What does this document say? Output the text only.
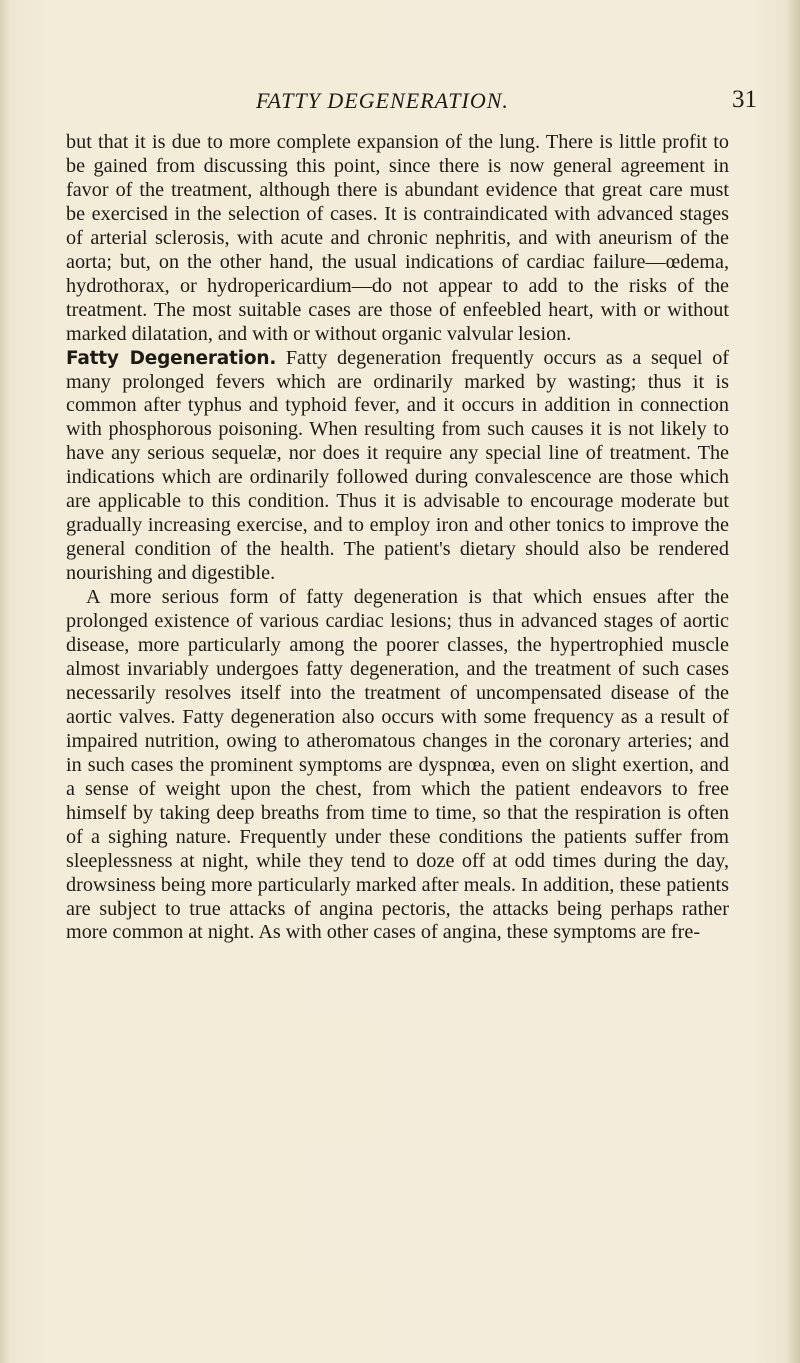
FATTY DEGENERATION.	31

but that it is due to more complete expansion of the lung. There is little profit to be gained from discussing this point, since there is now general agreement in favor of the treatment, although there is abundant evidence that great care must be exercised in the selection of cases. It is contraindicated with advanced stages of arterial sclerosis, with acute and chronic nephritis, and with aneurism of the aorta; but, on the other hand, the usual indications of cardiac failure—œdema, hydrothorax, or hydropericardium—do not appear to add to the risks of the treatment. The most suitable cases are those of enfeebled heart, with or without marked dilatation, and with or without organic valvular lesion.

Fatty Degeneration. Fatty degeneration frequently occurs as a sequel of many prolonged fevers which are ordinarily marked by wasting; thus it is common after typhus and typhoid fever, and it occurs in addition in connection with phosphorous poisoning. When resulting from such causes it is not likely to have any serious sequelæ, nor does it require any special line of treatment. The indications which are ordinarily followed during convalescence are those which are applicable to this condition. Thus it is advisable to encourage moderate but gradually increasing exercise, and to employ iron and other tonics to improve the general condition of the health. The patient's dietary should also be rendered nourishing and digestible.

A more serious form of fatty degeneration is that which ensues after the prolonged existence of various cardiac lesions; thus in advanced stages of aortic disease, more particularly among the poorer classes, the hypertrophied muscle almost invariably undergoes fatty degeneration, and the treatment of such cases necessarily resolves itself into the treatment of uncompensated disease of the aortic valves. Fatty degeneration also occurs with some frequency as a result of impaired nutrition, owing to atheromatous changes in the coronary arteries; and in such cases the prominent symptoms are dyspnœa, even on slight exertion, and a sense of weight upon the chest, from which the patient endeavors to free himself by taking deep breaths from time to time, so that the respiration is often of a sighing nature. Frequently under these conditions the patients suffer from sleeplessness at night, while they tend to doze off at odd times during the day, drowsiness being more particularly marked after meals. In addition, these patients are subject to true attacks of angina pectoris, the attacks being perhaps rather more common at night. As with other cases of angina, these symptoms are fre-
